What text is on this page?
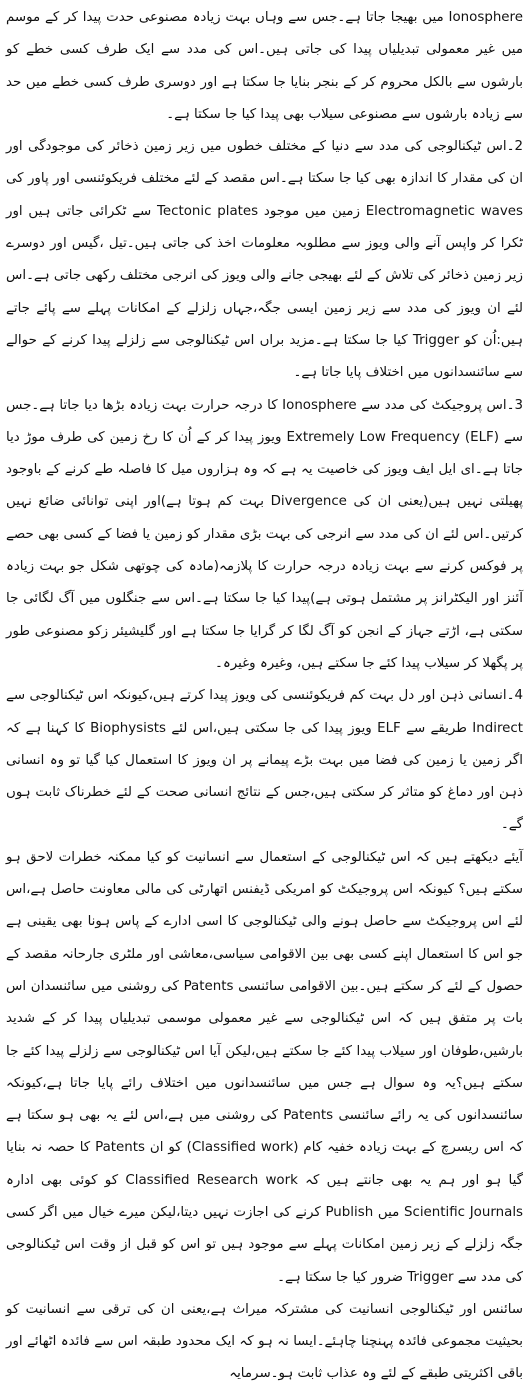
Ionosphere میں بھیجا جاتا ہے۔جس سے وہاں بہت زیادہ مصنوعی حدت پیدا کر کے موسم میں غیر معمولی تبدیلیاں پیدا کی جاتی ہیں۔اس کی مدد سے ایک طرف کسی خطے کو بارشوں سے بالکل محروم کر کے بنجر بنایا جا سکتا ہے اور دوسری طرف کسی خطے میں حد سے زیادہ بارشوں سے مصنوعی سیلاب بھی پیدا کیا جا سکتا ہے۔

2۔اس ٹیکنالوجی کی مدد سے دنیا کے مختلف خطوں میں زیر زمین ذخائر کی موجودگی اور ان کی مقدار کا اندازہ بھی کیا جا سکتا ہے۔اس مقصد کے لئے مختلف فریکوئنسی اور پاور کی Electromagnetic waves زمین میں موجود Tectonic plates سے ٹکرائی جاتی ہیں اور ٹکرا کر واپس آنے والی ویوز سے مطلوبہ معلومات اخذ کی جاتی ہیں۔تیل ،گیس اور دوسرے زیر زمین ذخائر کی تلاش کے لئے بھیجی جانے والی ویوز کی انرجی مختلف رکھی جاتی ہے۔اس لئے ان ویوز کی مدد سے زیر زمین ایسی جگہ،جہاں زلزلے کے امکانات پہلے سے پائے جاتے ہیں:اُن کو Trigger کیا جا سکتا ہے۔مزید براں اس ٹیکنالوجی سے زلزلے پیدا کرنے کے حوالے سے سائنسدانوں میں اختلاف پایا جاتا ہے۔

3۔اس پروجیکٹ کی مدد سے Ionosphere کا درجہ حرارت بہت زیادہ بڑھا دیا جاتا ہے۔جس سے Extremely Low Frequency (ELF) ویوز پیدا کر کے اُن کا رخ زمین کی طرف موڑ دیا جاتا ہے۔ای ایل ایف ویوز کی خاصیت یہ ہے کہ وہ ہزاروں میل کا فاصلہ طے کرنے کے باوجود پھیلتی نہیں ہیں(یعنی ان کی Divergence بہت کم ہوتا ہے)اور اپنی توانائی ضائع نہیں کرتیں۔اس لئے ان کی مدد سے انرجی کی بہت بڑی مقدار کو زمین یا فضا کے کسی بھی حصے پر فوکس کرنے سے بہت زیادہ درجہ حرارت کا پلازمہ(مادہ کی چوتھی شکل جو بہت زیادہ آئنز اور الیکٹرانز پر مشتمل ہوتی ہے)پیدا کیا جا سکتا ہے۔اس سے جنگلوں میں آگ لگائی جا سکتی ہے، اڑتے جہاز کے انجن کو آگ لگا کر گرایا جا سکتا ہے اور گلیشیئر زکو مصنوعی طور پر پگھلا کر سیلاب پیدا کئے جا سکتے ہیں، وغیرہ وغیرہ۔

4۔انسانی ذہن اور دل بہت کم فریکوئنسی کی ویوز پیدا کرتے ہیں،کیونکہ اس ٹیکنالوجی سے Indirect طریقے سے ELF ویوز پیدا کی جا سکتی ہیں،اس لئے Biophysists کا کہنا ہے کہ اگر زمین یا زمین کی فضا میں بہت بڑے پیمانے پر ان ویوز کا استعمال کیا گیا تو وہ انسانی ذہن اور دماغ کو متاثر کر سکتی ہیں،جس کے نتائج انسانی صحت کے لئے خطرناک ثابت ہوں گے۔

آیئے دیکھتے ہیں کہ اس ٹیکنالوجی کے استعمال سے انسانیت کو کیا ممکنہ خطرات لاحق ہو سکتے ہیں؟ کیونکہ اس پروجیکٹ کو امریکی ڈیفنس اتھارٹی کی مالی معاونت حاصل ہے،اس لئے اس پروجیکٹ سے حاصل ہونے والی ٹیکنالوجی کا اسی ادارے کے پاس ہونا بھی یقینی ہے جو اس کا استعمال اپنے کسی بھی بین الاقوامی سیاسی،معاشی اور ملٹری جارحانہ مقصد کے حصول کے لئے کر سکتے ہیں۔بین الاقوامی سائنسی Patents کی روشنی میں سائنسدان اس بات پر متفق ہیں کہ اس ٹیکنالوجی سے غیر معمولی موسمی تبدیلیاں پیدا کر کے شدید بارشیں،طوفان اور سیلاب پیدا کئے جا سکتے ہیں،لیکن آیا اس ٹیکنالوجی سے زلزلے پیدا کئے جا سکتے ہیں؟یہ وہ سوال ہے جس میں سائنسدانوں میں اختلاف رائے پایا جاتا ہے،کیونکہ سائنسدانوں کی یہ رائے سائنسی Patents کی روشنی میں ہے،اس لئے یہ بھی ہو سکتا ہے کہ اس ریسرچ کے بہت زیادہ خفیہ کام (Classified work) کو ان Patents کا حصہ نہ بنایا گیا ہو اور ہم یہ بھی جانتے ہیں کہ Classified Research work کو کوئی بھی ادارہ Scientific Journals میں Publish کرنے کی اجازت نہیں دیتا،لیکن میرے خیال میں اگر کسی جگہ زلزلے کے زیر زمین امکانات پہلے سے موجود ہیں تو اس کو قبل از وقت اس ٹیکنالوجی کی مدد سے Trigger ضرور کیا جا سکتا ہے۔

سائنس اور ٹیکنالوجی انسانیت کی مشترکہ میراث ہے،یعنی ان کی ترقی سے انسانیت کو بحیثیت مجموعی فائدہ پہنچنا چاہئے۔ایسا نہ ہو کہ ایک محدود طبقہ اس سے فائدہ اٹھائے اور باقی اکثریتی طبقے کے لئے وہ عذاب ثابت ہو۔سرمایہ
